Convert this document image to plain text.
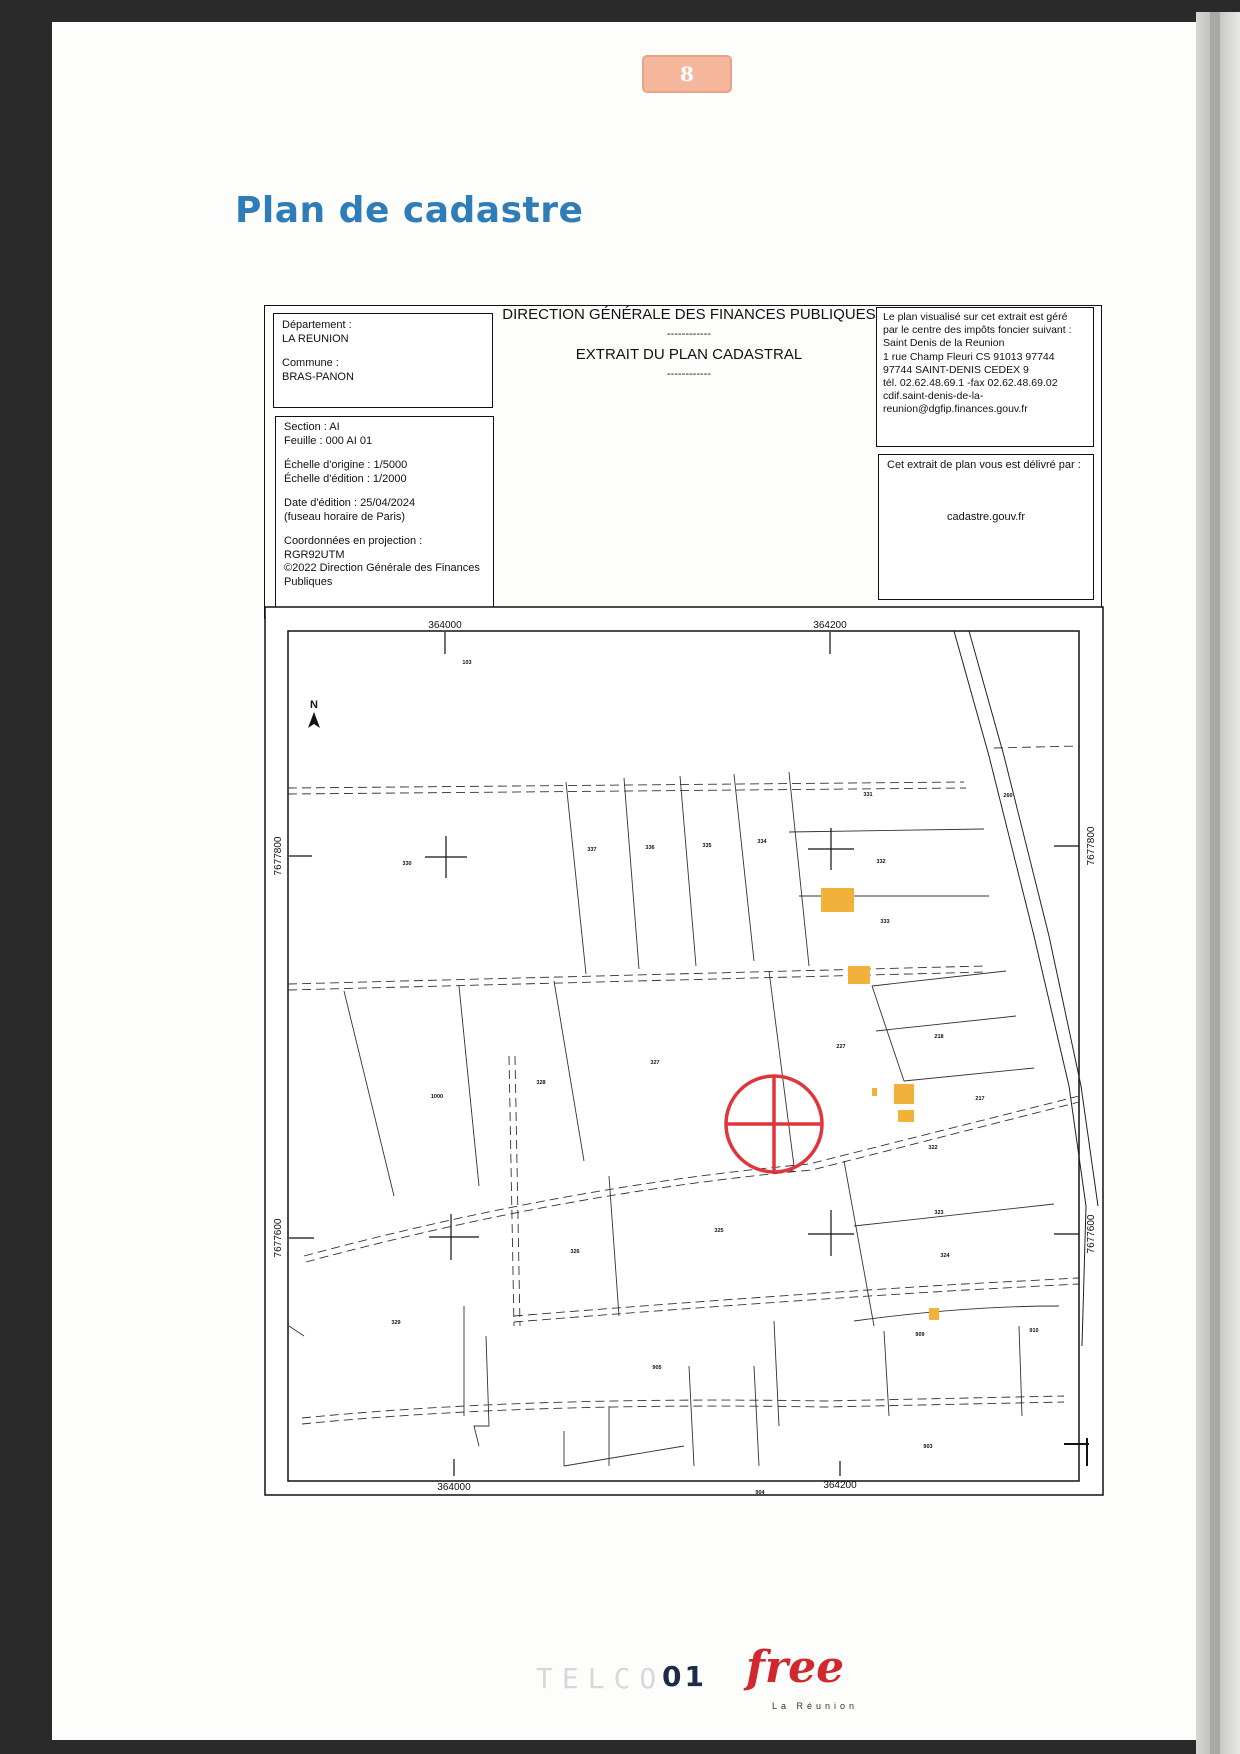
8
Plan de cadastre
Département :
LA REUNION
Commune :
BRAS-PANON
Section : AI
Feuille : 000 AI 01
Échelle d'origine : 1/5000
Échelle d'édition : 1/2000
Date d'édition : 25/04/2024
(fuseau horaire de Paris)
Coordonnées en projection : RGR92UTM
©2022 Direction Générale des Finances
Publiques
DIRECTION GÉNÉRALE DES FINANCES PUBLIQUES
------------
EXTRAIT DU PLAN CADASTRAL
------------
Le plan visualisé sur cet extrait est géré
par le centre des impôts foncier suivant :
Saint Denis de la Reunion
1 rue Champ Fleuri CS 91013 97744
97744 SAINT-DENIS CEDEX 9
tél. 02.62.48.69.1 -fax 02.62.48.69.02
cdif.saint-denis-de-la-
reunion@dgfip.finances.gouv.fr
Cet extrait de plan vous est délivré par :
cadastre.gouv.fr
N
364000	364200
364000	364200
7677800
7677600
7677800
7677600
103
330
337	336	335
334
331
332
333
260
1000
328
327
227
218
217
322
323
324
326
325
329
905
909
910
903
904
TELCO
01 free
La Réunion
